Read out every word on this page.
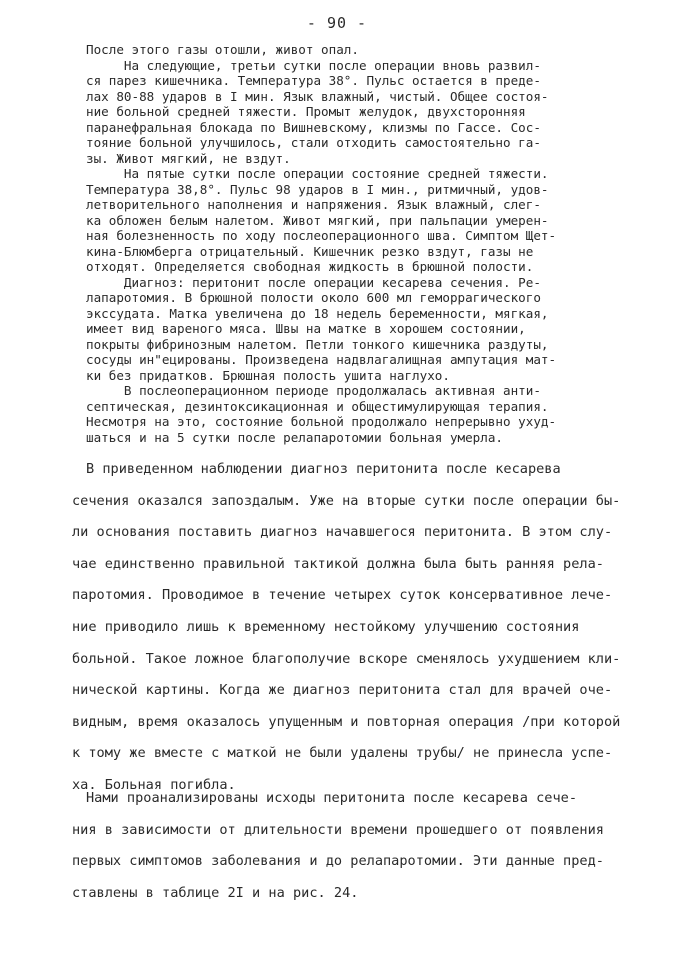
- 90 -
После этого газы отошли, живот опал.
На следующие, третьи сутки после операции вновь развил-
ся парез кишечника. Температура 38°. Пульс остается в преде-
лах 80-88 ударов в I мин. Язык влажный, чистый. Общее состоя-
ние больной средней тяжести. Промыт желудок, двухсторонняя
паранефральная блокада по Вишневскому, клизмы по Гассе. Сос-
тояние больной улучшилось, стали отходить самостоятельно га-
зы. Живот мягкий, не вздут.
На пятые сутки после операции состояние средней тяжести.
Температура 38,8°. Пульс 98 ударов в I мин., ритмичный, удов-
летворительного наполнения и напряжения. Язык влажный, слег-
ка обложен белым налетом. Живот мягкий, при пальпации умерен-
ная болезненность по ходу послеоперационного шва. Симптом Щет-
кина-Блюмберга отрицательный. Кишечник резко вздут, газы не
отходят. Определяется свободная жидкость в брюшной полости.
Диагноз: перитонит после операции кесарева сечения. Ре-
лапаротомия. В брюшной полости около 600 мл геморрагического
экссудата. Матка увеличена до 18 недель беременности, мягкая,
имеет вид вареного мяса. Швы на матке в хорошем состоянии,
покрыты фибринозным налетом. Петли тонкого кишечника раздуты,
сосуды ин"ецированы. Произведена надвлагалищная ампутация мат-
ки без придатков. Брюшная полость ушита наглухо.
В послеоперационном периоде продолжалась активная анти-
септическая, дезинтоксикационная и общестимулирующая терапия.
Несмотря на это, состояние больной продолжало непрерывно ухуд-
шаться и на 5 сутки после релапаротомии больная умерла.
В приведенном наблюдении диагноз перитонита после кесарева
сечения оказался запоздалым. Уже на вторые сутки после операции бы-
ли основания поставить диагноз начавшегося перитонита. В этом слу-
чае единственно правильной тактикой должна была быть ранняя рела-
паротомия. Проводимое в течение четырех суток консервативное лече-
ние приводило лишь к временному нестойкому улучшению состояния
больной. Такое ложное благополучие вскоре сменялось ухудшением кли-
нической картины. Когда же диагноз перитонита стал для врачей оче-
видным, время оказалось упущенным и повторная операция /при которой
к тому же вместе с маткой не были удалены трубы/ не принесла успе-
ха. Больная погибла.
Нами проанализированы исходы перитонита после кесарева сече-
ния в зависимости от длительности времени прошедшего от появления
первых симптомов заболевания и до релапаротомии. Эти данные пред-
ставлены в таблице 2I и на рис. 24.
